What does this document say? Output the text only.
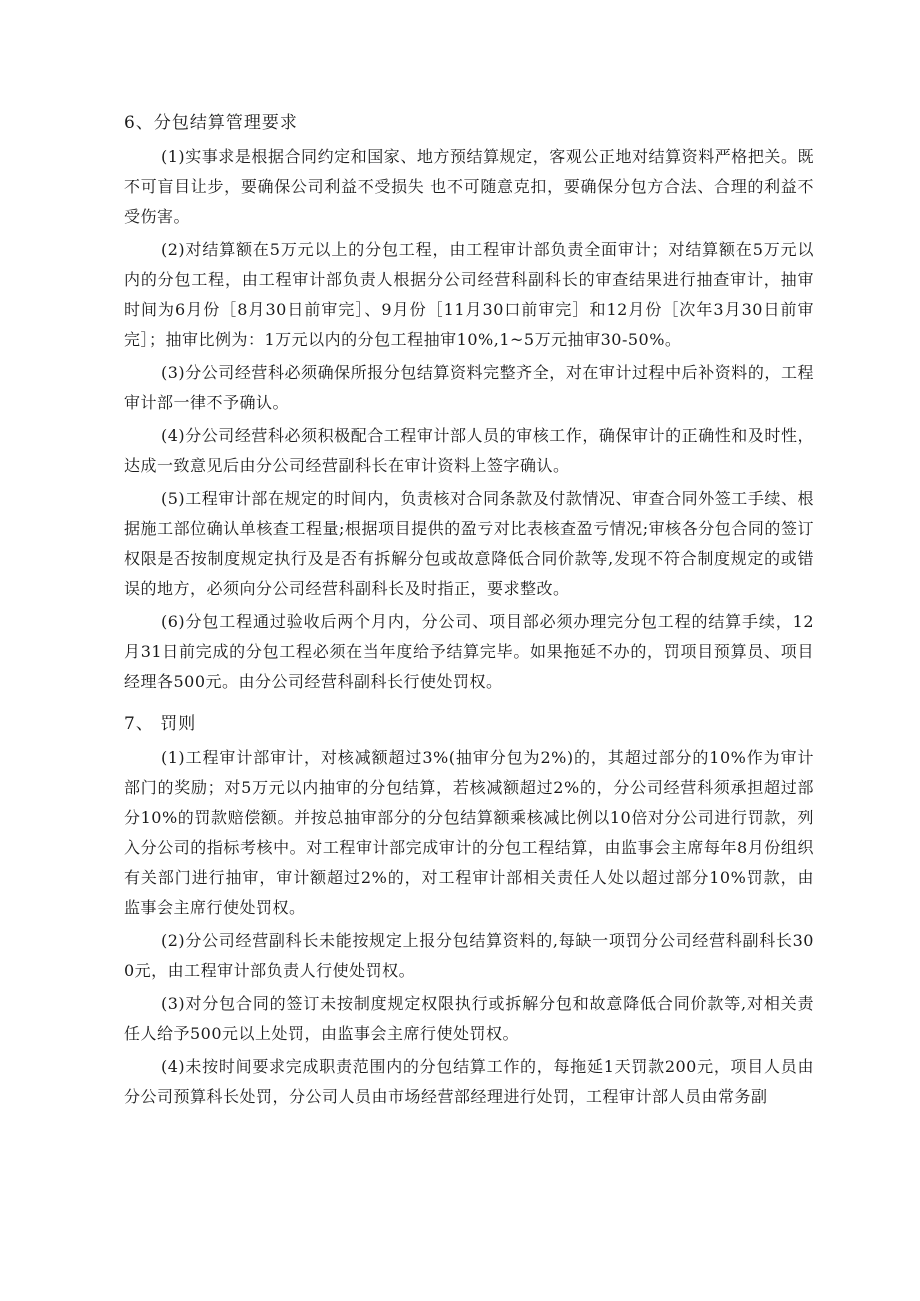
6、分包结算管理要求

(1)实事求是根据合同约定和国家、地方预结算规定，客观公正地对结算资料严格把关。既不可盲目让步，要确保公司利益不受损失 也不可随意克扣，要确保分包方合法、合理的利益不受伤害。

(2)对结算额在5万元以上的分包工程，由工程审计部负责全面审计；对结算额在5万元以内的分包工程，由工程审计部负责人根据分公司经营科副科长的审查结果进行抽查审计，抽审时间为6月份［8月30日前审完］、9月份［11月30口前审完］和12月份［次年3月30日前审完］；抽审比例为：1万元以内的分包工程抽审10%,1~5万元抽审30-50%。

(3)分公司经营科必须确保所报分包结算资料完整齐全，对在审计过程中后补资料的，工程审计部一律不予确认。

(4)分公司经营科必须积极配合工程审计部人员的审核工作，确保审计的正确性和及时性，达成一致意见后由分公司经营副科长在审计资料上签字确认。

(5)工程审计部在规定的时间内，负责核对合同条款及付款情况、审查合同外签工手续、根据施工部位确认单核查工程量;根据项目提供的盈亏对比表核查盈亏情况;审核各分包合同的签订权限是否按制度规定执行及是否有拆解分包或故意降低合同价款等,发现不符合制度规定的或错误的地方，必须向分公司经营科副科长及时指正，要求整改。

(6)分包工程通过验收后两个月内，分公司、项目部必须办理完分包工程的结算手续，12月31日前完成的分包工程必须在当年度给予结算完毕。如果拖延不办的，罚项目预算员、项目经理各500元。由分公司经营科副科长行使处罚权。

7、 罚则

(1)工程审计部审计，对核减额超过3%(抽审分包为2%)的，其超过部分的10%作为审计部门的奖励；对5万元以内抽审的分包结算，若核减额超过2%的，分公司经营科须承担超过部分10%的罚款赔偿额。并按总抽审部分的分包结算额乘核减比例以10倍对分公司进行罚款，列入分公司的指标考核中。对工程审计部完成审计的分包工程结算，由监事会主席每年8月份组织有关部门进行抽审，审计额超过2%的，对工程审计部相关责任人处以超过部分10%罚款，由监事会主席行使处罚权。

(2)分公司经营副科长未能按规定上报分包结算资料的,每缺一项罚分公司经营科副科长300元，由工程审计部负责人行使处罚权。

(3)对分包合同的签订未按制度规定权限执行或拆解分包和故意降低合同价款等,对相关责任人给予500元以上处罚，由监事会主席行使处罚权。

(4)未按时间要求完成职责范围内的分包结算工作的，每拖延1天罚款200元，项目人员由分公司预算科长处罚，分公司人员由市场经营部经理进行处罚，工程审计部人员由常务副
